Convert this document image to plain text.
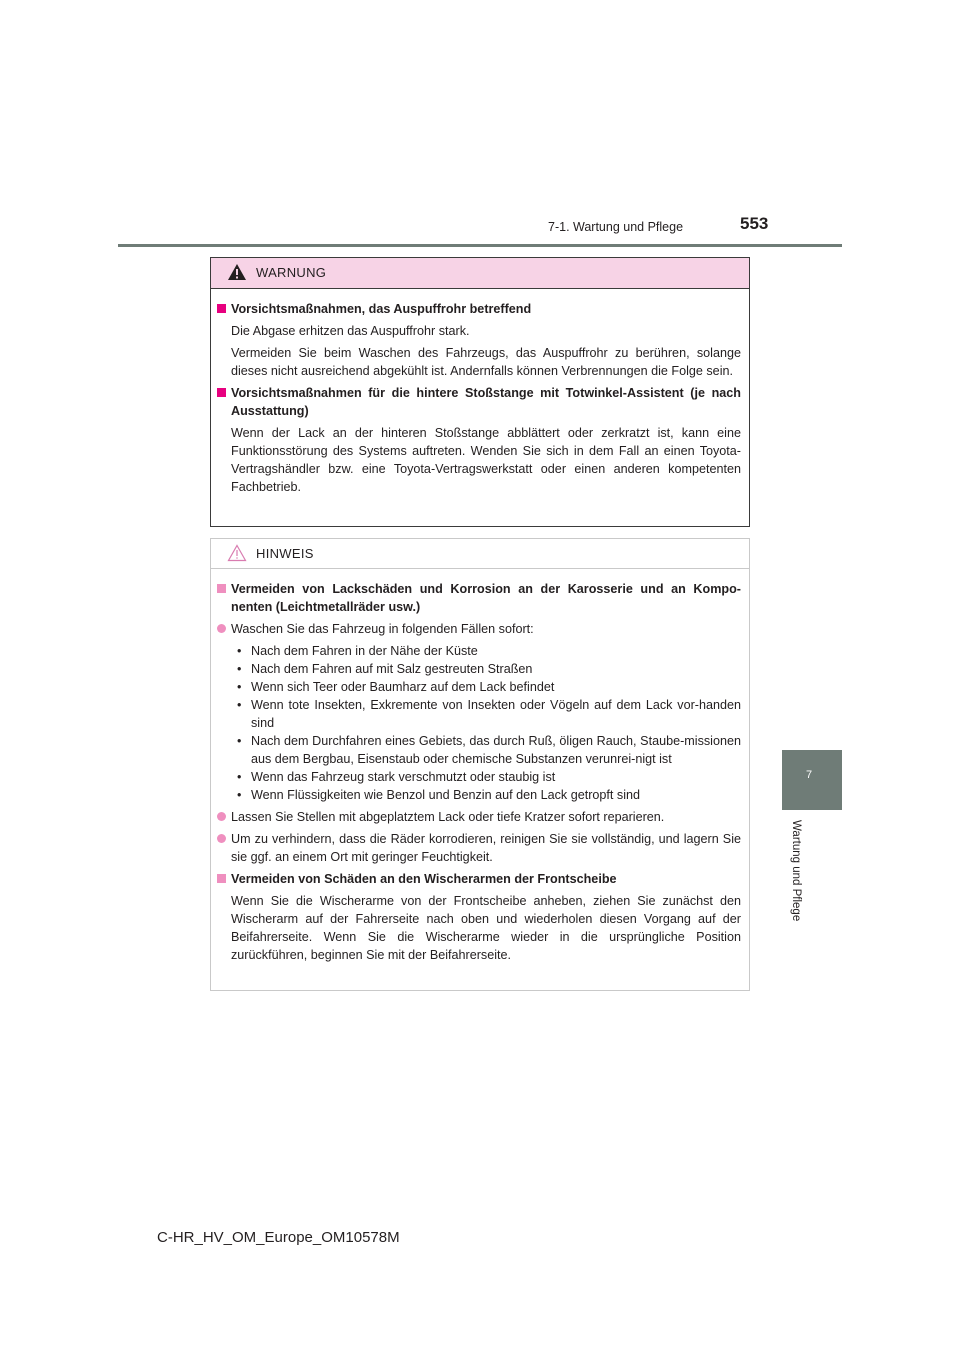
7-1. Wartung und Pflege	553
7
Wartung und Pflege
WARNUNG
Vorsichtsmaßnahmen, das Auspuffrohr betreffend
Die Abgase erhitzen das Auspuffrohr stark.
Vermeiden Sie beim Waschen des Fahrzeugs, das Auspuffrohr zu berühren, solange dieses nicht ausreichend abgekühlt ist. Andernfalls können Verbrennungen die Folge sein.
Vorsichtsmaßnahmen für die hintere Stoßstange mit Totwinkel-Assistent (je nach Ausstattung)
Wenn der Lack an der hinteren Stoßstange abblättert oder zerkratzt ist, kann eine Funktionsstörung des Systems auftreten. Wenden Sie sich in dem Fall an einen Toyota-Vertragshändler bzw. eine Toyota-Vertragswerkstatt oder einen anderen kompetenten Fachbetrieb.
HINWEIS
Vermeiden von Lackschäden und Korrosion an der Karosserie und an Kompo-nenten (Leichtmetallräder usw.)
Waschen Sie das Fahrzeug in folgenden Fällen sofort:
• Nach dem Fahren in der Nähe der Küste
• Nach dem Fahren auf mit Salz gestreuten Straßen
• Wenn sich Teer oder Baumharz auf dem Lack befindet
• Wenn tote Insekten, Exkremente von Insekten oder Vögeln auf dem Lack vor-handen sind
• Nach dem Durchfahren eines Gebiets, das durch Ruß, öligen Rauch, Staube-missionen aus dem Bergbau, Eisenstaub oder chemische Substanzen verunrei-nigt ist
• Wenn das Fahrzeug stark verschmutzt oder staubig ist
• Wenn Flüssigkeiten wie Benzol und Benzin auf den Lack getropft sind
Lassen Sie Stellen mit abgeplatztem Lack oder tiefe Kratzer sofort reparieren.
Um zu verhindern, dass die Räder korrodieren, reinigen Sie sie vollständig, und lagern Sie sie ggf. an einem Ort mit geringer Feuchtigkeit.
Vermeiden von Schäden an den Wischerarmen der Frontscheibe
Wenn Sie die Wischerarme von der Frontscheibe anheben, ziehen Sie zunächst den Wischerarm auf der Fahrerseite nach oben und wiederholen diesen Vorgang auf der Beifahrerseite. Wenn Sie die Wischerarme wieder in die ursprüngliche Position zurückführen, beginnen Sie mit der Beifahrerseite.
C-HR_HV_OM_Europe_OM10578M
